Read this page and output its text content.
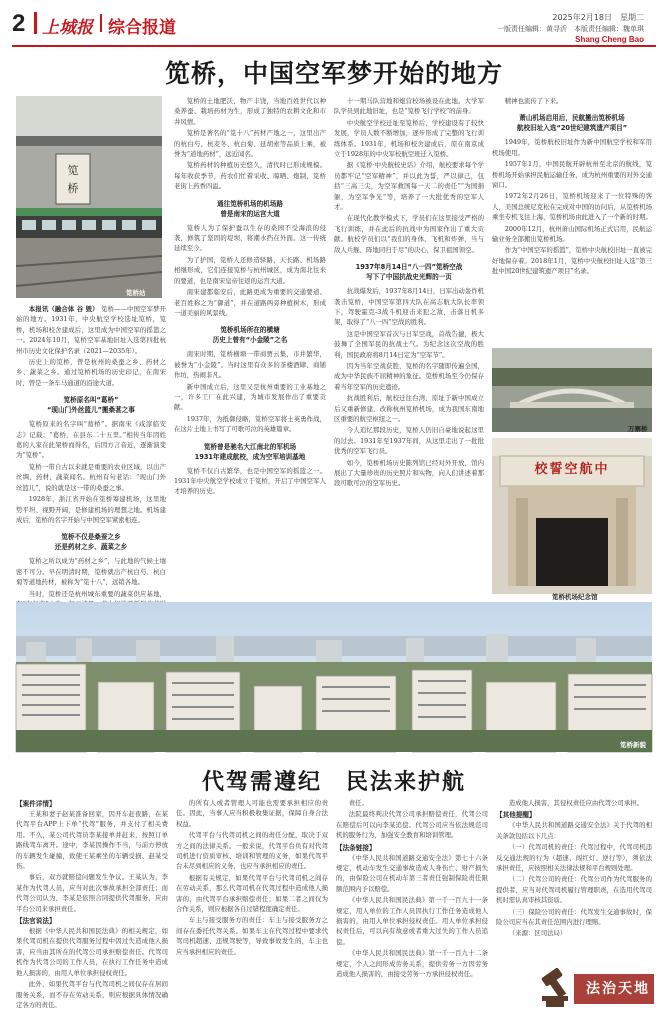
2 上城报 综合报道
2025年2月18日　星期二
一版责任编辑：黄寻沂　本版责任编辑：魏单琪
Shang Cheng Bao
笕桥，中国空军梦开始的地方
笕
桥
笕桥站

本报讯（融合体 谷 毁） 笕桥——中国空军梦开始的地方。1931年，中央航空学校选址笕桥，笕桥，机场和校舍建成后，这里成为中国空军的摇篮之一。2024年10月，笕桥空军基地旧址入选第四批杭州市历史文化保护名录（2021—2035年）。

历史上的笕桥，曾是杭州的桑蚕之乡、药材之乡、蔬菜之乡。通过笕桥机场的历史印记，在南宋时，曾是一条车马通道的沿途大道。

笕桥原名叫“葛桥”
“现山门外丝篮儿”搬桑葚之事

笕桥原来的名字叫“葛桥”。据南宋《咸淳临安志》记载：“葛桥，在县东二十五里。”相传当年因姓葛的人家在此架桥而得名，后因方言音近，逐渐演变为“笕桥”。

笕桥一带自古以来就是重要的农业区域，以出产丝绸、药材、蔬菜闻名。杭州有句老话：“现山门外丝篮儿”，说的就是这一带的桑蚕之事。

1928年，浙江省开始在笕桥筹建机场，这里地势平坦、视野开阔，是修建机场的理想之地。机场建成后，笕桥的名字开始与中国空军紧密相连。

笕桥不仅是桑蚕之乡
还是药材之乡、蔬菜之乡

笕桥之所以成为“药材之乡”，与此地的气候土壤密不可分。早在明清时期，笕桥就出产杭白芍、杭白菊等道地药材，被称为“笕十八”，远销各地。

当时，笕桥还是杭州城东重要的蔬菜供应基地，

笕桥的土地肥沃，物产丰饶，当地百姓世代以种桑养蚕、栽培药材为生，形成了独特的农耕文化和市井风情。

笕桥是著名的“笕十八”药材产地之一，这里出产的杭白芍、杭麦冬、杭白菊、延胡索等品质上乘，被誉为“道地药材”，远近闻名。

笕桥药材的种植历史悠久，清代时已形成规模。每年收获季节，药农们忙着采收、晾晒、炮制，笕桥老街上药香四溢。

通往笕桥机场的机场路
曾是南宋的运宫大道

笕桥人为了保护蚕以生存的桑园不受海浪的侵袭，修筑了坚固的堤坝，将潮水挡在外面。这一传统延续至今。

为了护国，笕桥人还修造驿路，天长路、机场路相继形成，它们连接笕桥与杭州城区，成为南北往来的要道，也是南宋皇帝往返的运宫大道。

南宋建都临安后，此路更成为重要的交通要道。老百姓称之为“御道”，并在道路两旁种植树木，形成一道美丽的风景线。

笕桥机场所在的横塘
历史上曾有“小金陵”之名

南宋时期，笕桥横塘一带商贾云集，市井繁华，被誉为“小金陵”。当时这里有众多的茶楼酒肆、商铺作坊，热闹非凡。

新中国成立后，这里又是杭州重要的工业基地之一，许多工厂在此兴建，为城市发展作出了重要贡献。

1937年，为抵御侵略，笕桥空军将士英勇作战，在这片土地上书写了可歌可泣的英雄篇章。

笕桥曾是驰名大江南北的军机场
1931年建成航校，成为空军培训基地

笕桥不仅自古繁华，也是中国空军的摇篮之一。1931年中央航空学校成立于笕桥，开启了中国空军人才培养的历史。

十一期马队营地和炮营校场被设在此地。大学军队学员到此地旧址，也是“笕桥飞行学校”的前身。

中央航空学校迁址至笕桥后，学校建设有了较快发展，学员人数不断增加，逐步形成了完整的飞行训练体系。1931年，机场和校舍建成后，原在南京成立于1928年的中央军校航空班迁入笕桥。

据《笕桥·中央航校史话》介绍，航校要求每个学员都牢记“空军精神”，并以此为誓，严以律己，包括“三高三尖，为空军救国每一天二的责任”“为国捐躯，为空军争光”等，培养了一大批优秀的空军人才。

在现代化教学模式下，学员们在这里接受严格的飞行训练，并在此后的抗战中为国家作出了重大贡献。航校学员们以“我们的身体、飞机和炸弹，当与敌人兵舰、阵地同归于尽”的决心，保卫祖国领空。

1937年8月14日“八一四”笕桥空战
写下了中国抗战史光辉的一页

抗战爆发后，1937年8月14日，日军出动轰炸机袭击笕桥，中国空军第四大队在高志航大队长率领下，驾驶霍克-3战斗机迎击来犯之敌，击落日机多架，取得了“八一四”空战的胜利。

这是中国空军首次与日军空战，首战告捷，极大鼓舞了全国军民的抗战士气。为纪念这次空战的胜利，国民政府将8月14日定为“空军节”。

因为当年空战获胜，笕桥的名字随即传遍全国，成为中华民族不屈精神的象征。笕桥机场至今仍保存着当年空军的历史遗迹。

抗战胜利后，航校迁往台湾，原址于新中国成立后又重新修建，改称杭州笕桥机场，成为我国东南地区重要的航空枢纽之一。

今人追忆那段历史，笕桥人仍旧自豪地说起这里的过去。1931年至1937年间，从这里走出了一批批优秀的空军飞行员。

如今，笕桥机场历史陈列馆已经对外开放，馆内展出了大量珍贵的历史照片和实物，向人们讲述着那段可歌可泣的空军历史。

精神也流传了下来。

萧山机场启用后，民航搬出笕桥机场
航校旧址入选“20世纪建筑遗产项目”

1949年，笕桥航校旧址作为新中国航空学校和军用机场使用。

1957年1月，中国民航开辟杭州至北京的航线，笕桥机场开始承担民航运输任务，成为杭州重要的对外交通窗口。

1972年2月26日，笕桥机场迎来了一位特殊的客人，美国总统尼克松在完成对中国的访问后，从笕桥机场乘坐专机飞往上海，笕桥机场由此进入了一个新的时期。

2000年12月，杭州萧山国际机场正式启用，民航运输业务全部搬出笕桥机场。

作为“中国空军的摇篮”，笕桥中央航校旧址一直被完好地保存着。2018年1月，笕桥中央航校旧址入选“第三批中国20世纪建筑遗产项目”名录。

万寨桥
校誓空航中
笕桥机场纪念馆
笕桥新貌
代驾需遵纪　民法来护航

【案件详情】

王某和妻子赵某准备回家，因开车赶夜路，在某代驾平台APP上下单“代驾”服务，并支付了相关费用。不久，某公司代驾员李某接单并赶来，按照订单路线驾车离开。途中，李某因操作不当，与前方停放的车辆发生碰撞，致使王某乘坐的车辆受损、赵某受伤。

事后，双方就赔偿问题发生争议。王某认为，李某作为代驾人员，应当对此次事故承担全部责任；而代驾公司认为，李某是依照合同提供代驾服务，应由平台公司来承担责任。

【法官说法】

根据《中华人民共和国民法典》的相关规定，如果代驾司机在提供代驾服务过程中因过失造成他人损害，应当由其所在的代驾公司承担赔偿责任。代驾司机作为代驾公司的工作人员，在执行工作任务中造成他人损害的，由用人单位承担侵权责任。

此外，如果代驾平台与代驾司机之间仅存在居间服务关系，而不存在劳动关系，则应根据具体情况确定各方的责任。

的所有人或者管理人可能也需要承担相应的责任。因此，当事人应当积极收集证据，保障自身合法权益。

代驾平台与代驾司机之间的责任分配，取决于双方之间的法律关系。一般来说，代驾平台负有对代驾司机进行资质审核、培训和管理的义务，如果代驾平台未尽到相应的义务，也应当承担相应的责任。

根据有关规定，如果代驾平台与代驾司机之间存在劳动关系，那么代驾司机在代驾过程中造成他人损害的，由代驾平台承担赔偿责任；如果二者之间仅为合作关系，则应根据各自过错程度确定责任。

车主与接受服务方的责任：车主与接受服务方之间存在委托代驾关系。如果车主在代驾过程中要求代驾司机超速、违规驾驶等，导致事故发生的，车主也应当承担相应的责任。

责任。

法院最终判决代驾公司承担赔偿责任，代驾公司在赔偿后可以向李某追偿。代驾公司应当依法规范司机的服务行为，加强安全教育和培训管理。

【法条链接】

《中华人民共和国道路交通安全法》第七十六条规定，机动车发生交通事故造成人身伤亡、财产损失的，由保险公司在机动车第三者责任强制保险责任限额范围内予以赔偿。

《中华人民共和国民法典》第一千一百九十一条规定，用人单位的工作人员因执行工作任务造成他人损害的，由用人单位承担侵权责任。用人单位承担侵权责任后，可以向有故意或者重大过失的工作人员追偿。

《中华人民共和国民法典》第一千一百九十二条规定，个人之间形成劳务关系，提供劳务一方因劳务造成他人损害的，由接受劳务一方承担侵权责任。

造成他人损害，其侵权责任应由代驾公司承担。

【其他提醒】

《中华人民共和国道路交通安全法》关于代驾的相关条款包括以下几点：

（一）代驾司机的责任：代驾过程中，代驾司机违反交通法规的行为（超速、闯红灯、逆行等），须依法承担责任，应按照相关法律法规和平台规则处理。

（二）代驾公司的责任：代驾公司作为代驾服务的提供者，应当对代驾司机履行管理职责，在选用代驾司机时需认真审核其资质。

（三）保险公司的责任：代驾发生交通事故时，保险公司应当在其责任范围内进行理赔。

（来源：区司法局）

法治天地
